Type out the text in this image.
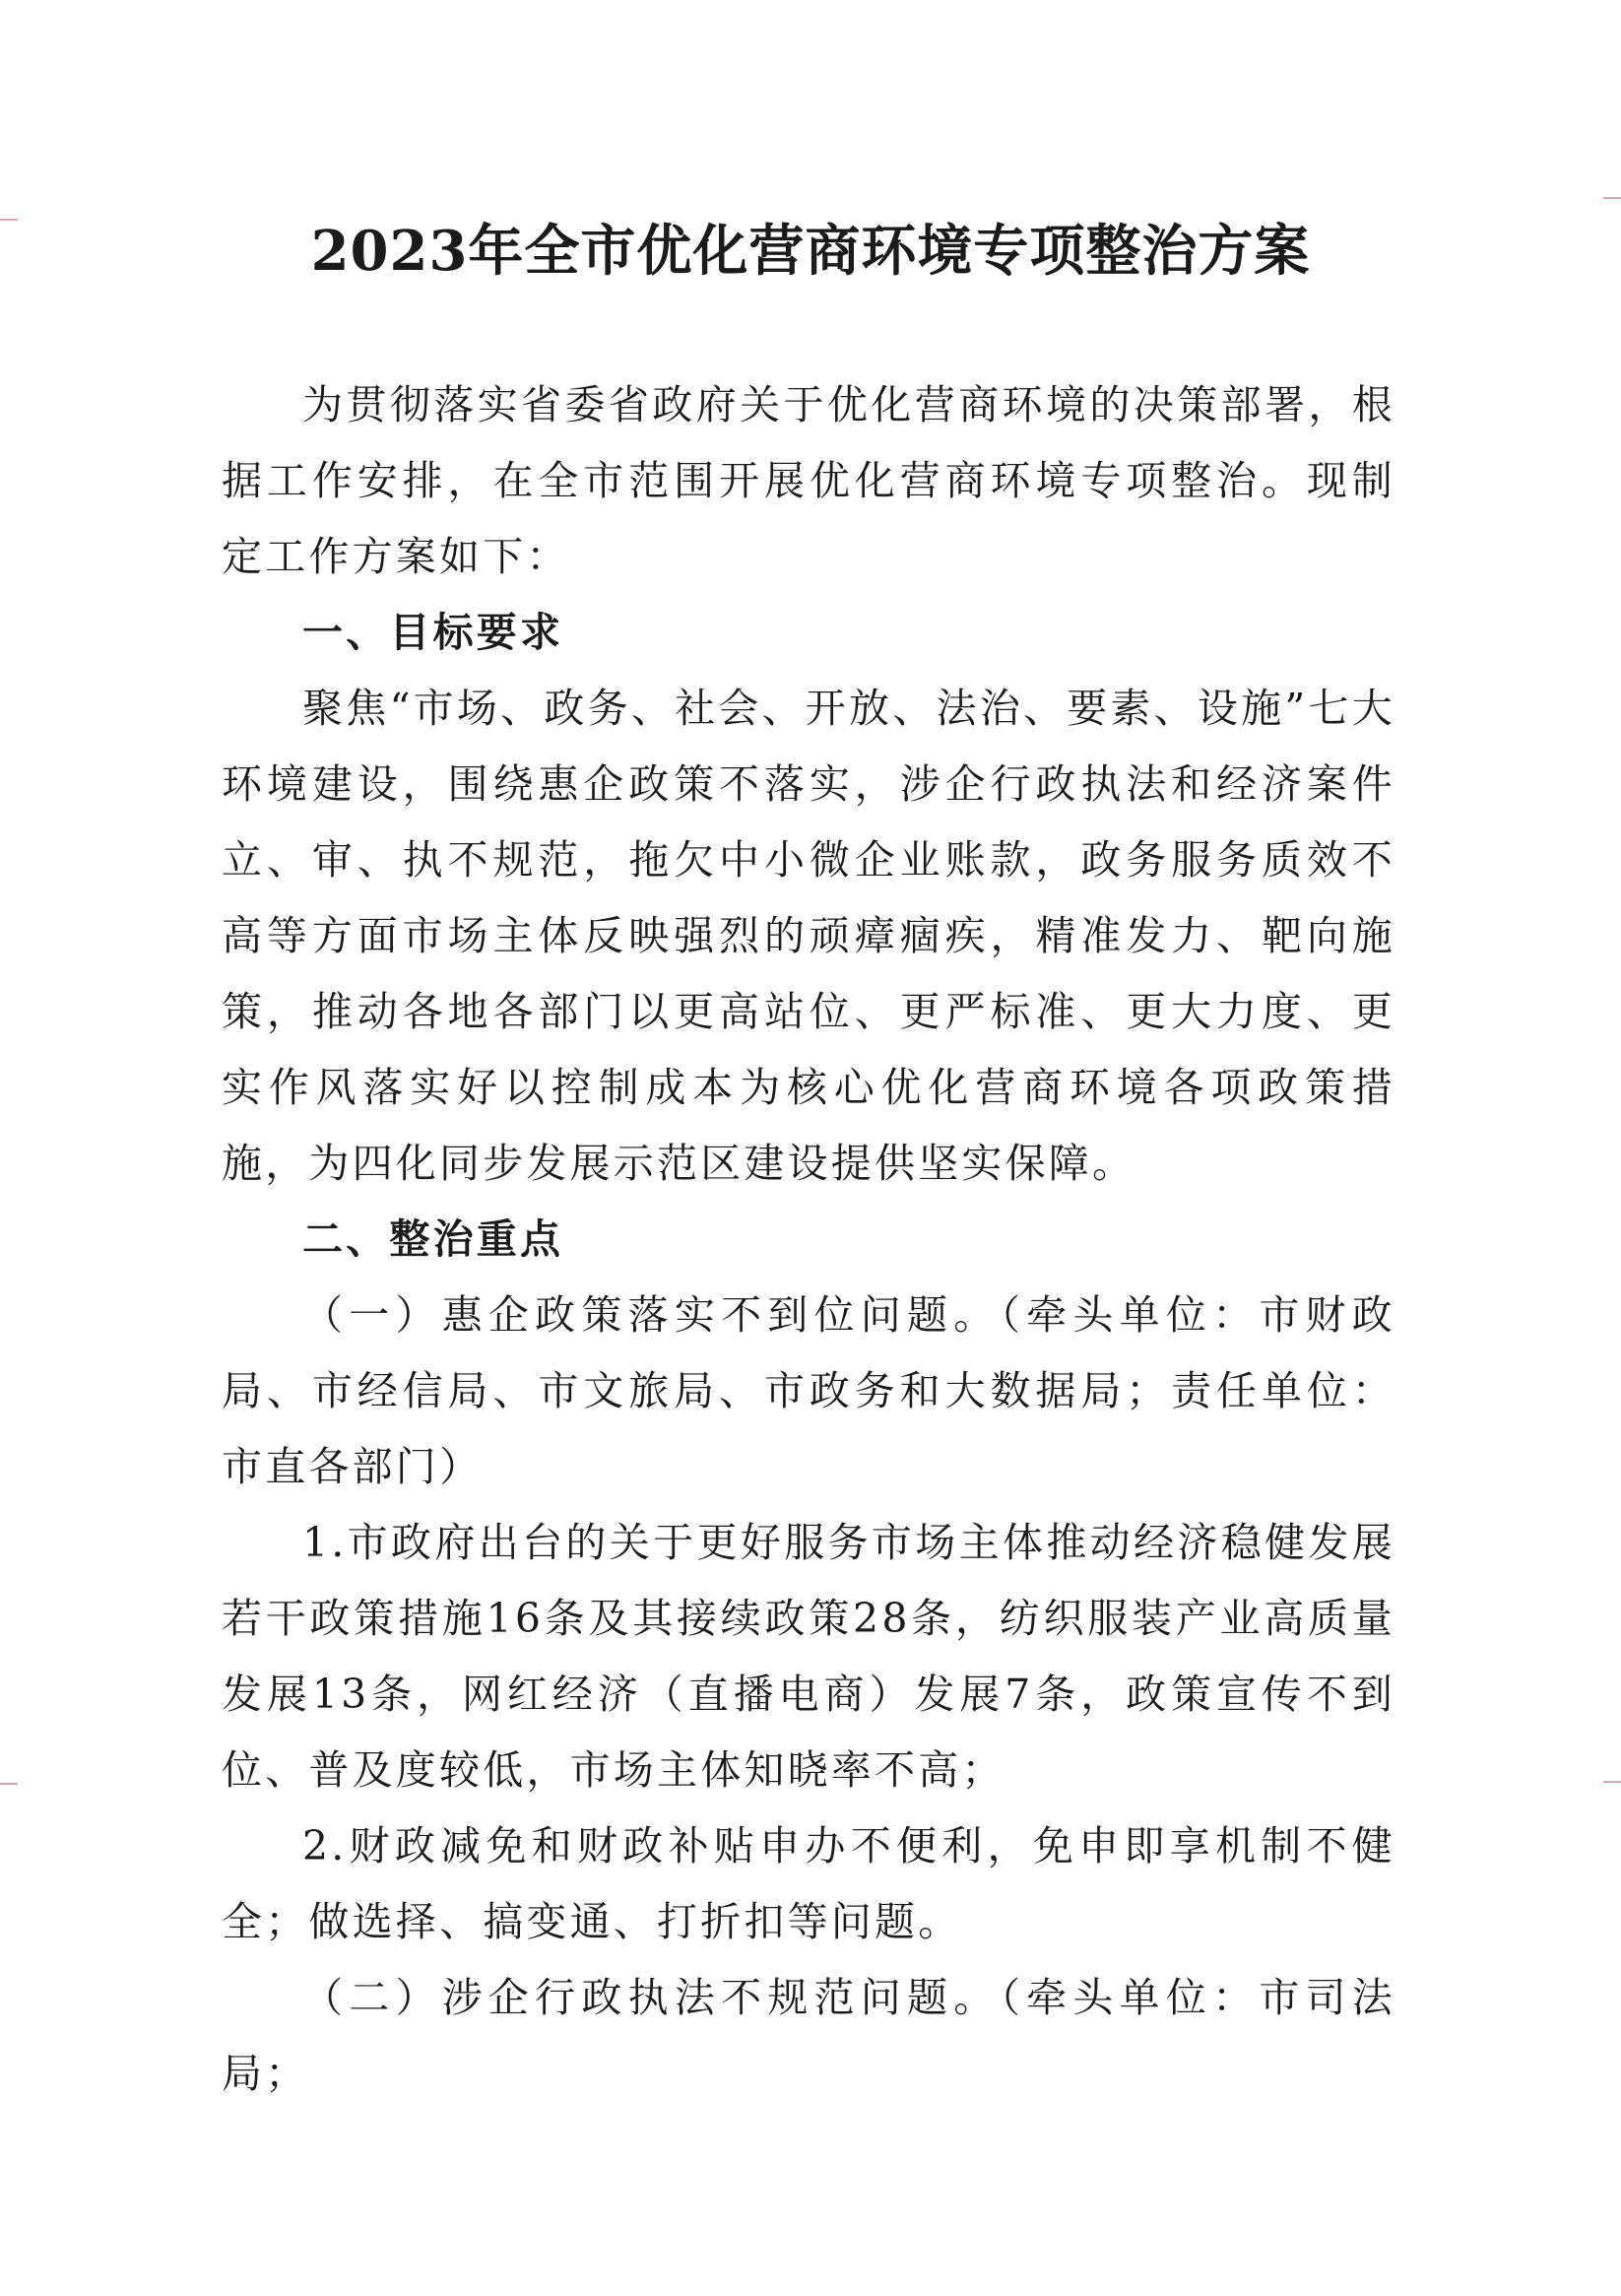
2023年全市优化营商环境专项整治方案

为贯彻落实省委省政府关于优化营商环境的决策部署，根据工作安排，在全市范围开展优化营商环境专项整治。现制定工作方案如下：

一、目标要求

聚焦“市场、政务、社会、开放、法治、要素、设施”七大环境建设，围绕惠企政策不落实，涉企行政执法和经济案件立、审、执不规范，拖欠中小微企业账款，政务服务质效不高等方面市场主体反映强烈的顽瘴痼疾，精准发力、靶向施策，推动各地各部门以更高站位、更严标准、更大力度、更实作风落实好以控制成本为核心优化营商环境各项政策措施，为四化同步发展示范区建设提供坚实保障。

二、整治重点

（一）惠企政策落实不到位问题。（牵头单位：市财政局、市经信局、市文旅局、市政务和大数据局；责任单位：市直各部门）

1.市政府出台的关于更好服务市场主体推动经济稳健发展若干政策措施16条及其接续政策28条，纺织服装产业高质量发展13条，网红经济（直播电商）发展7条，政策宣传不到位、普及度较低，市场主体知晓率不高；

2.财政减免和财政补贴申办不便利，免申即享机制不健全；做选择、搞变通、打折扣等问题。

（二）涉企行政执法不规范问题。（牵头单位：市司法局；
